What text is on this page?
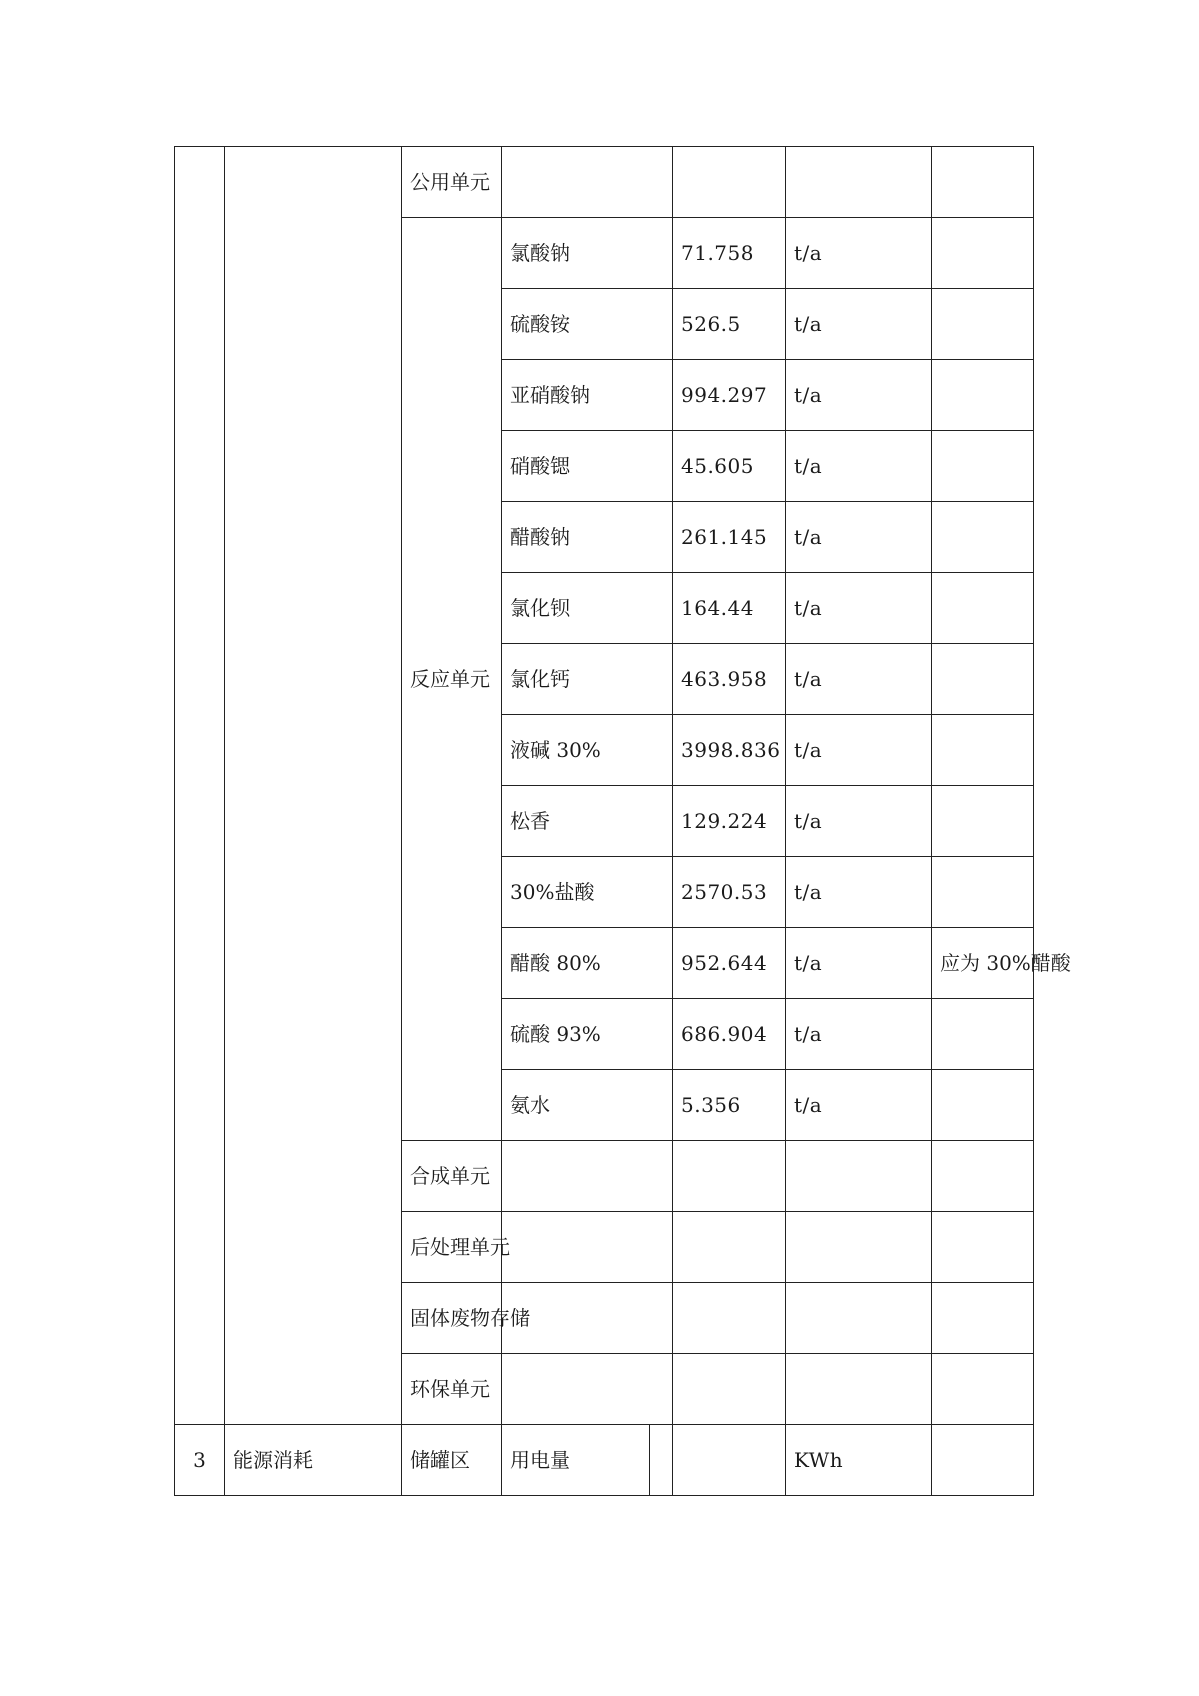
		公用单元					
		反应单元	氯酸钠		71.758	t/a	
			硫酸铵		526.5	t/a	
			亚硝酸钠		994.297	t/a	
			硝酸锶		45.605	t/a	
			醋酸钠		261.145	t/a	
			氯化钡		164.44	t/a	
			氯化钙		463.958	t/a	
			液碱 30%		3998.836	t/a	
			松香		129.224	t/a	
			30%盐酸		2570.53	t/a	
			醋酸 80%		952.644	t/a	应为 30%醋酸
			硫酸 93%		686.904	t/a	
			氨水		5.356	t/a	
		合成单元					
		后处理单元					
		固体废物存储					
		环保单元					
3	能源消耗	储罐区	用电量			KWh	
